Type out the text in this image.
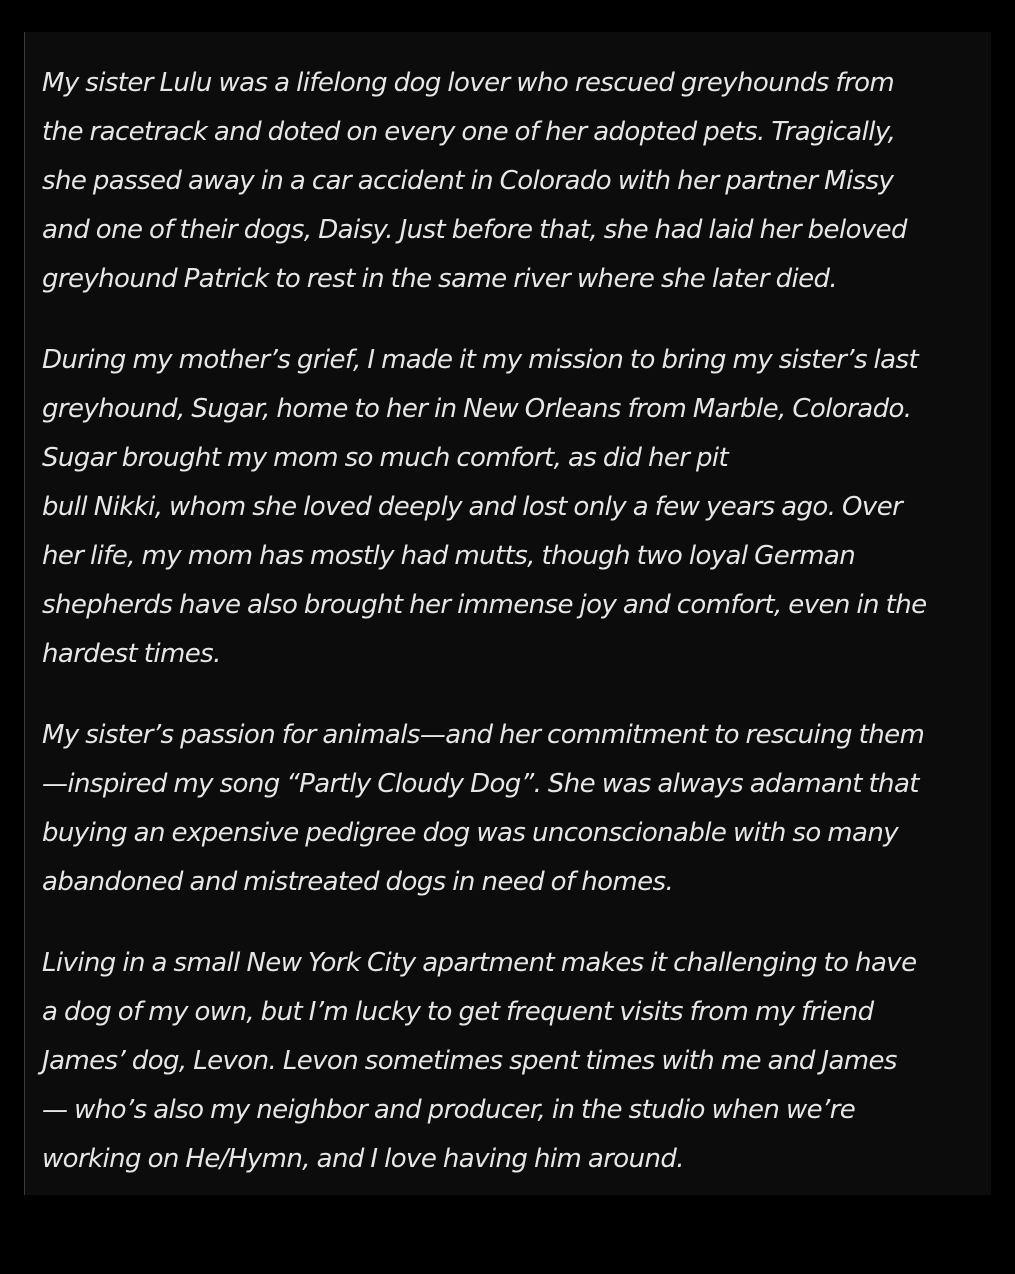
My sister Lulu was a lifelong dog lover who rescued greyhounds from
the racetrack and doted on every one of her adopted pets. Tragically,
she passed away in a car accident in Colorado with her partner Missy
and one of their dogs, Daisy. Just before that, she had laid her beloved
greyhound Patrick to rest in the same river where she later died.

During my mother’s grief, I made it my mission to bring my sister’s last
greyhound, Sugar, home to her in New Orleans from Marble, Colorado.
Sugar brought my mom so much comfort, as did her pit
bull Nikki, whom she loved deeply and lost only a few years ago. Over
her life, my mom has mostly had mutts, though two loyal German
shepherds have also brought her immense joy and comfort, even in the
hardest times.

My sister’s passion for animals—and her commitment to rescuing them
—inspired my song “Partly Cloudy Dog”. She was always adamant that
buying an expensive pedigree dog was unconscionable with so many
abandoned and mistreated dogs in need of homes.

Living in a small New York City apartment makes it challenging to have
a dog of my own, but I’m lucky to get frequent visits from my friend
James’ dog, Levon. Levon sometimes spent times with me and James
— who’s also my neighbor and producer, in the studio when we’re
working on He/Hymn, and I love having him around.
